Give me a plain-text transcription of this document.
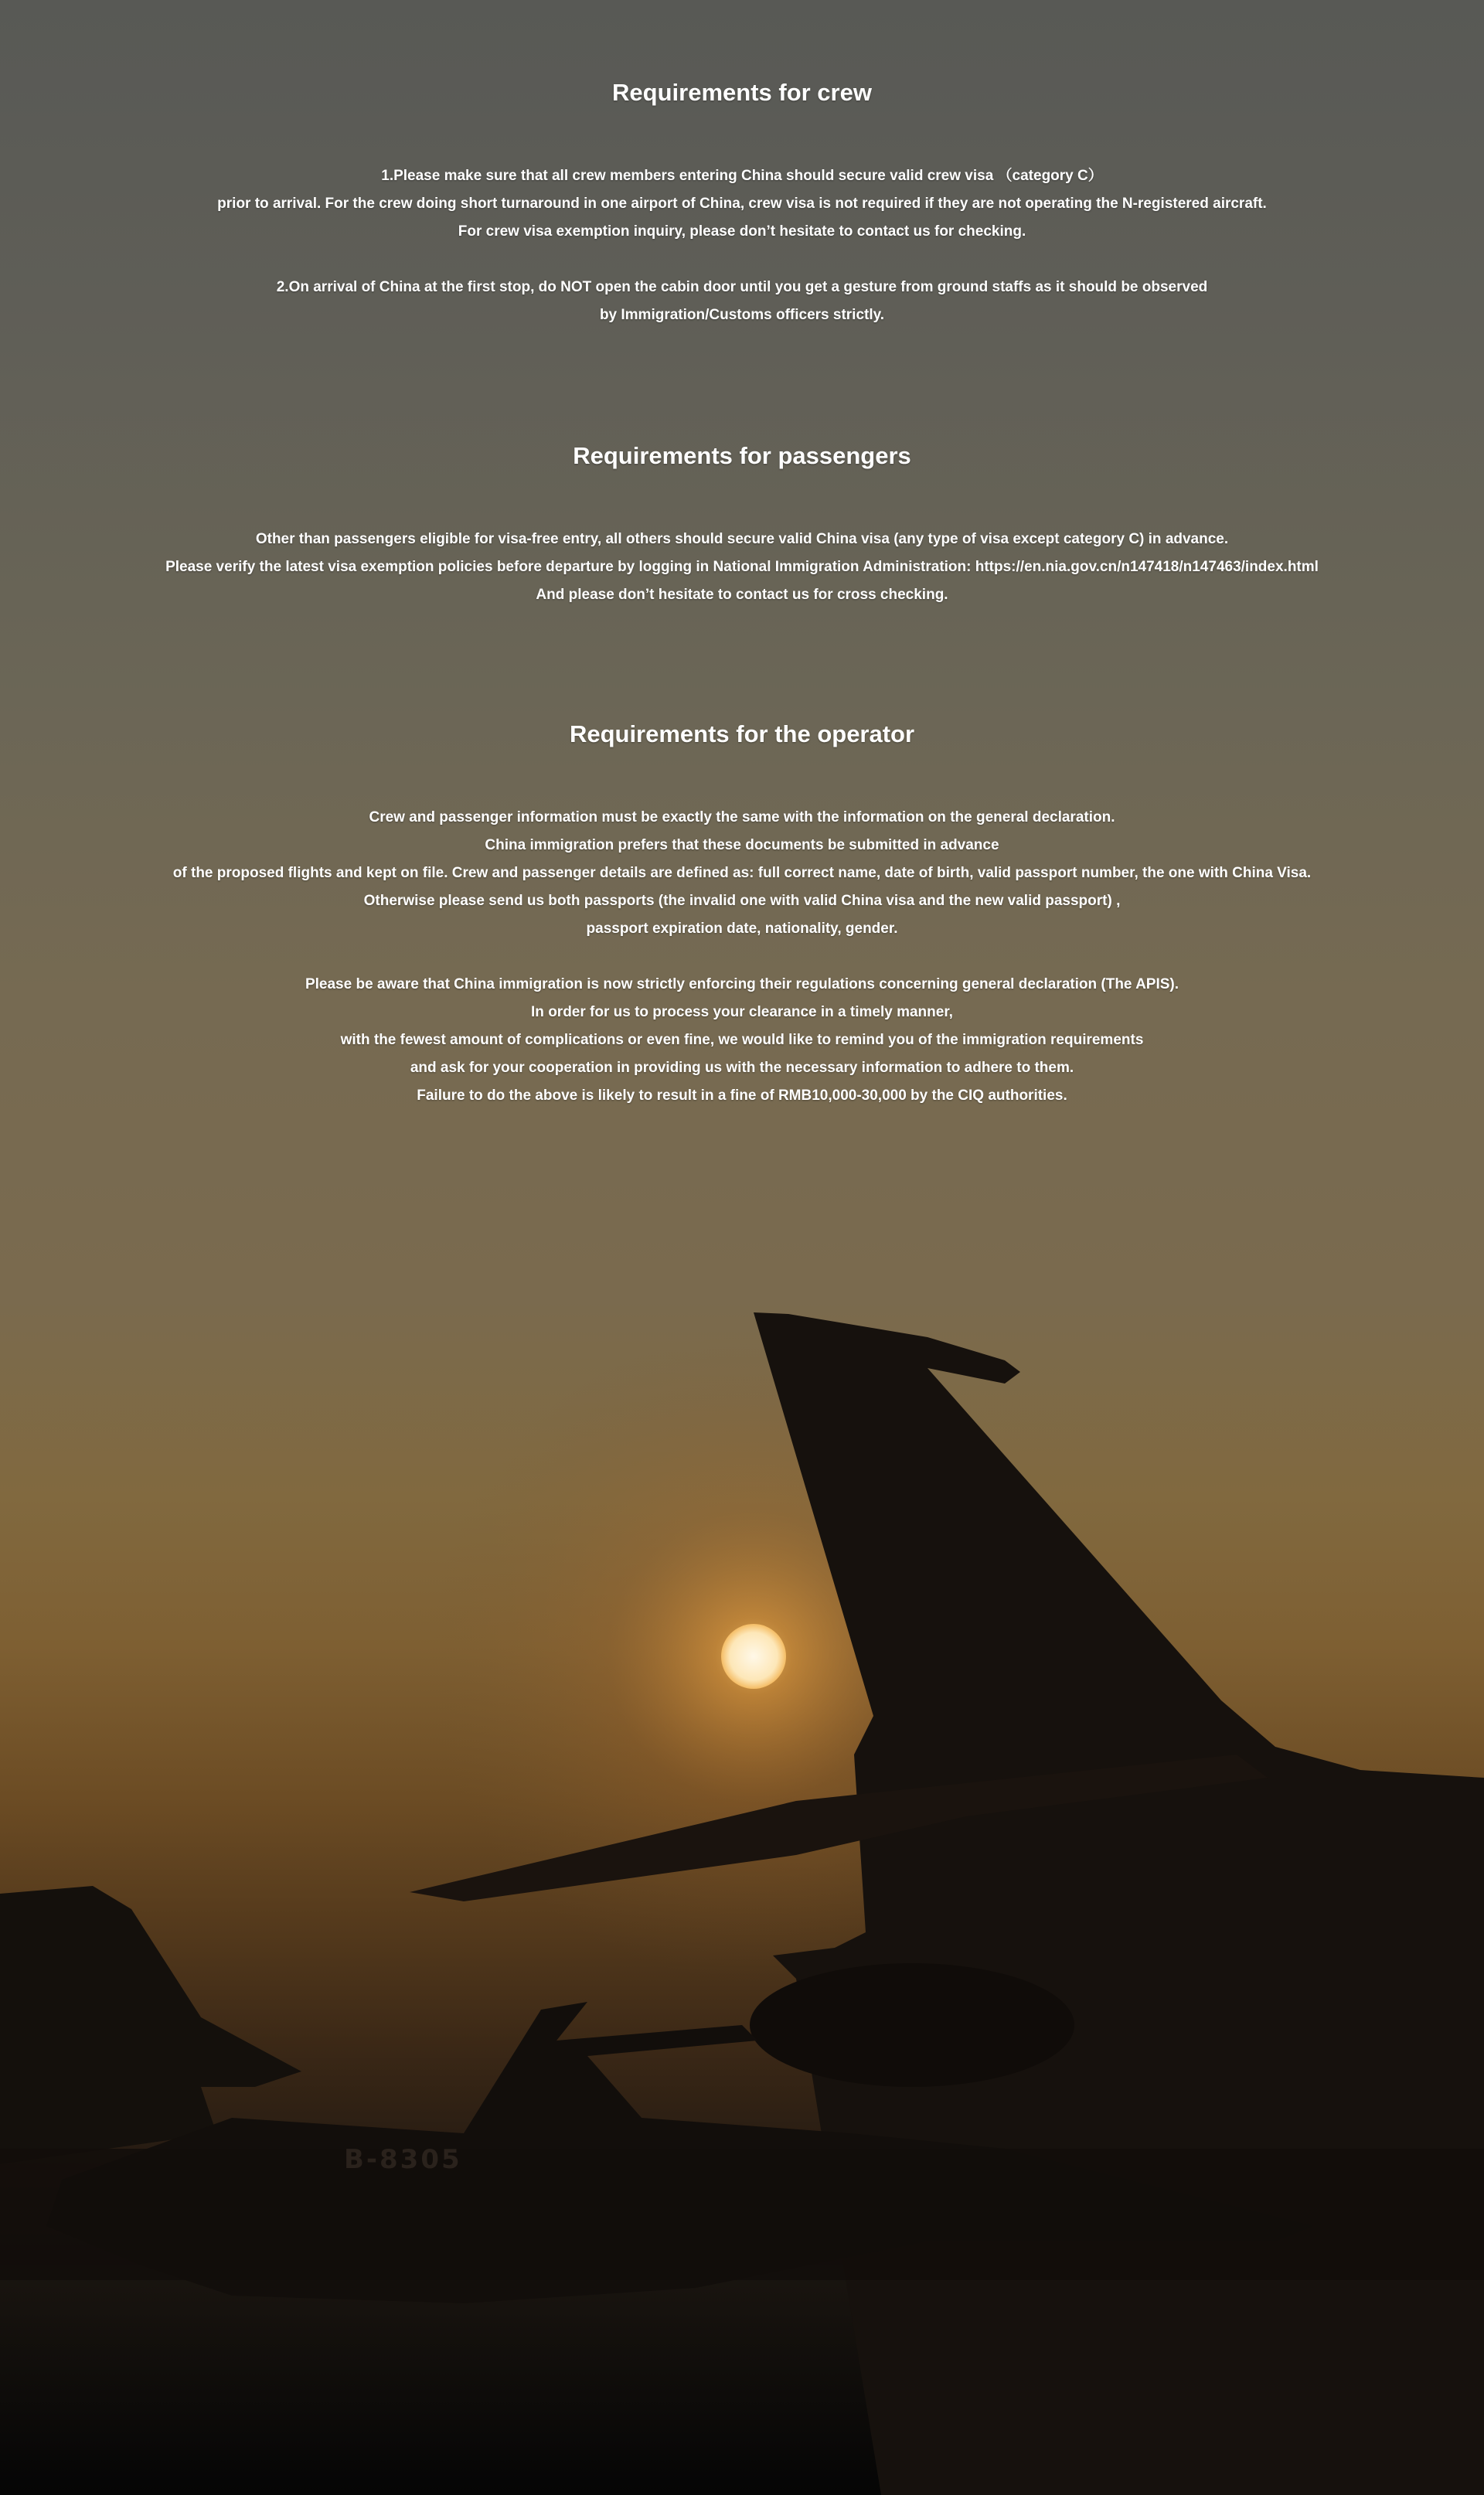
B-8305
Requirements for crew

1.Please make sure that all crew members entering China should secure valid crew visa （category C）

prior to arrival. For the crew doing short turnaround in one airport of China, crew visa is not required if they are not operating the N-registered aircraft.

For crew visa exemption inquiry, please don’t hesitate to contact us for checking.

2.On arrival of China at the first stop, do NOT open the cabin door until you get a gesture from ground staffs as it should be observed

by Immigration/Customs officers strictly.

Requirements for passengers

Other than passengers eligible for visa-free entry, all others should secure valid China visa (any type of visa except category C) in advance.

Please verify the latest visa exemption policies before departure by logging in National Immigration Administration: https://en.nia.gov.cn/n147418/n147463/index.html

And please don’t hesitate to contact us for cross checking.

Requirements for the operator

Crew and passenger information must be exactly the same with the information on the general declaration.

China immigration prefers that these documents be submitted in advance

of the proposed flights and kept on file. Crew and passenger details are defined as: full correct name, date of birth, valid passport number, the one with China Visa.

Otherwise please send us both passports (the invalid one with valid China visa and the new valid passport) ,

passport expiration date, nationality, gender.

Please be aware that China immigration is now strictly enforcing their regulations concerning general declaration (The APIS).

In order for us to process your clearance in a timely manner,

with the fewest amount of complications or even fine, we would like to remind you of the immigration requirements

and ask for your cooperation in providing us with the necessary information to adhere to them.

Failure to do the above is likely to result in a fine of RMB10,000-30,000 by the CIQ authorities.
